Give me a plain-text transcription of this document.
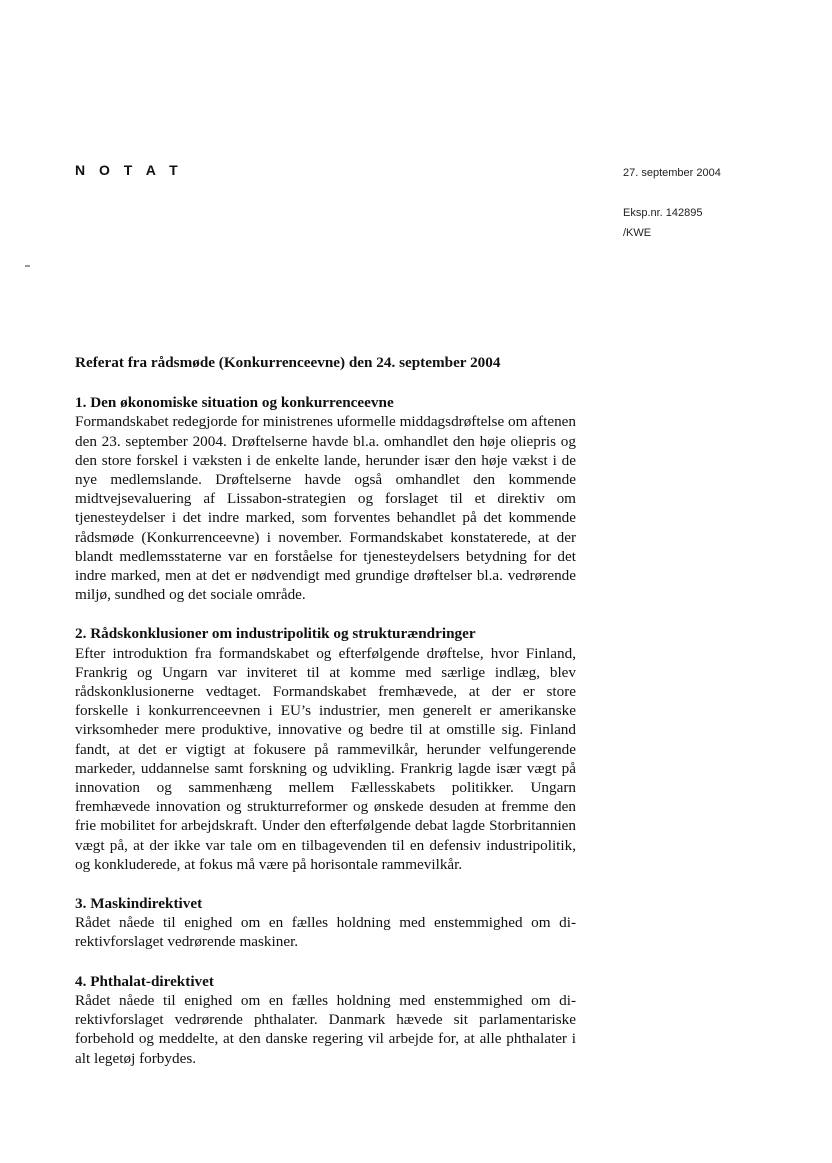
N O T A T	27. september 2004
Eksp.nr. 142895
/KWE

Referat fra rådsmøde (Konkurrenceevne) den 24. september 2004

1. Den økonomiske situation og konkurrenceevne

Formandskabet redegjorde for ministrenes uformelle middagsdrøftelse om aftenen den 23. september 2004. Drøftelserne havde bl.a. omhandlet den høje oliepris og den store forskel i væksten i de enkelte lande, herunder især den høje vækst i de nye medlemslande. Drøftelserne havde også omhandlet den kommende midtvejsevaluering af Lissabon-strategien og forslaget til et direktiv om tjenesteydelser i det indre marked, som forventes behandlet på det kommende rådsmøde (Konkurrenceevne) i november. Formandskabet konstaterede, at der blandt medlemsstaterne var en forståelse for tjenesteydelsers betydning for det indre marked, men at det er nødvendigt med grundige drøftelser bl.a. vedrørende miljø, sundhed og det sociale område.

2. Rådskonklusioner om industripolitik og strukturændringer

Efter introduktion fra formandskabet og efterfølgende drøftelse, hvor Finland, Frankrig og Ungarn var inviteret til at komme med særlige indlæg, blev rådskonklusionerne vedtaget. Formandskabet fremhævede, at der er store forskelle i konkurrenceevnen i EU’s industrier, men generelt er amerikanske virksomheder mere produktive, innovative og bedre til at omstille sig. Finland fandt, at det er vigtigt at fokusere på rammevilkår, herunder velfungerende markeder, uddannelse samt forskning og udvikling. Frankrig lagde især vægt på innovation og sammenhæng mellem Fællesskabets politikker. Ungarn fremhævede innovation og strukturreformer og ønskede desuden at fremme den frie mobilitet for arbejdskraft. Under den efterfølgende debat lagde Storbritannien vægt på, at der ikke var tale om en tilbagevenden til en defensiv industripolitik, og konkluderede, at fokus må være på horisontale rammevilkår.

3. Maskindirektivet

Rådet nåede til enighed om en fælles holdning med enstemmighed om direktivforslaget vedrørende maskiner.

4. Phthalat-direktivet

Rådet nåede til enighed om en fælles holdning med enstemmighed om direktivforslaget vedrørende phthalater. Danmark hævede sit parlamentariske forbehold og meddelte, at den danske regering vil arbejde for, at alle phthalater i alt legetøj forbydes.
